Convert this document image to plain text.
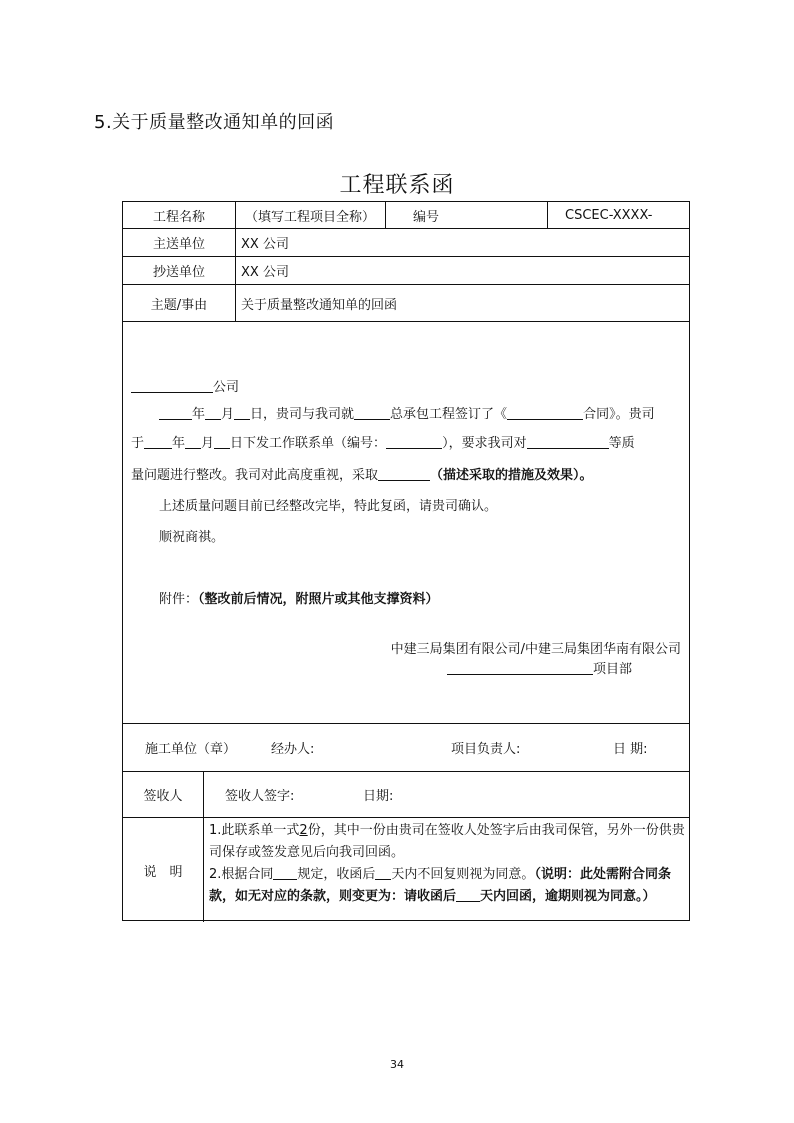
5.关于质量整改通知单的回函
工程联系函
工程名称	（填写工程项目全称）	编号	CSCEC-XXXX-
主送单位	XX 公司
抄送单位	XX 公司
主题/事由	关于质量整改通知单的回函
公司
年 月 日，贵司与我司就	总承包工程签订了《	合同》。贵司
于 年 月 日下发工作联系单（编号：	），要求我司对	等质
量问题进行整改。我司对此高度重视，采取	（描述采取的措施及效果）。
上述质量问题目前已经整改完毕，特此复函，请贵司确认。
顺祝商祺。
附件：（整改前后情况，附照片或其他支撑资料）
中建三局集团有限公司/中建三局集团华南有限公司
项目部
施工单位（章）	经办人:	项目负责人:	日 期:
签收人	签收人签字:	日期:
说　明
1.此联系单一式2份，其中一份由贵司在签收人处签字后由我司保管，另外一份供贵司保存或签发意见后向我司回函。
2.根据合同 规定，收函后 天内不回复则视为同意。（说明：此处需附合同条款，如无对应的条款，则变更为：请收函后 天内回函，逾期则视为同意。）
34
